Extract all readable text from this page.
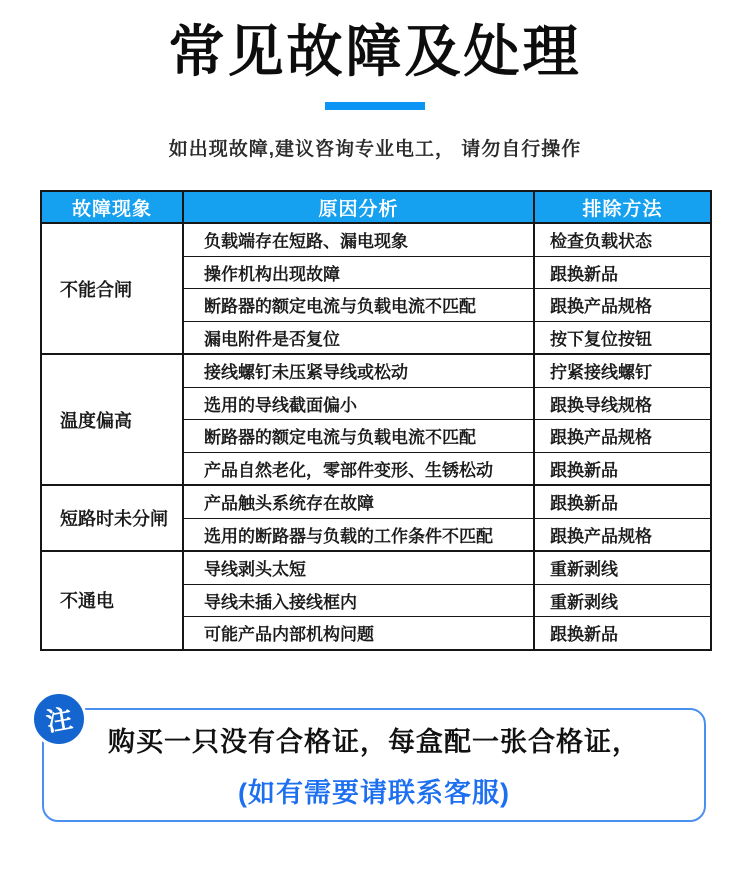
常见故障及处理
如出现故障,建议咨询专业电工， 请勿自行操作
故障现象	原因分析	排除方法
不能合闸	负载端存在短路、漏电现象	检查负载状态
	操作机构出现故障	跟换新品
	断路器的额定电流与负载电流不匹配	跟换产品规格
	漏电附件是否复位	按下复位按钮
温度偏高	接线螺钉未压紧导线或松动	拧紧接线螺钉
	选用的导线截面偏小	跟换导线规格
	断路器的额定电流与负载电流不匹配	跟换产品规格
	产品自然老化，零部件变形、生锈松动	跟换新品
短路时未分闸	产品触头系统存在故障	跟换新品
	选用的断路器与负载的工作条件不匹配	跟换产品规格
不通电	导线剥头太短	重新剥线
	导线未插入接线框内	重新剥线
	可能产品内部机构问题	跟换新品
注
购买一只没有合格证，每盒配一张合格证，
(如有需要请联系客服)
